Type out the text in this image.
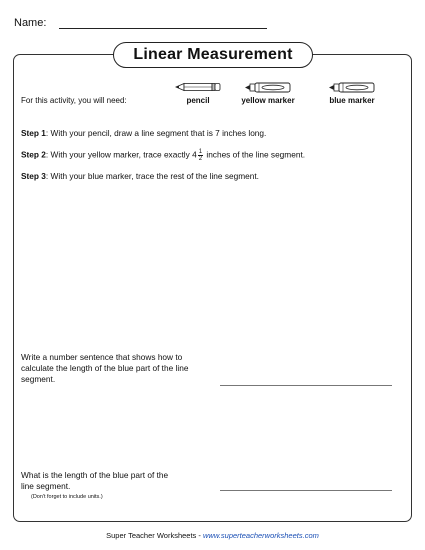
Name:
Linear Measurement
For this activity, you will need:	pencil	yellow marker	blue marker
Step 1: With your pencil, draw a line segment that is 7 inches long.
Step 2: With your yellow marker, trace exactly $4 \frac{1}{2}$ inches of the line segment.
Step 3: With your blue marker, trace the rest of the line segment.
Write a number sentence that shows how to calculate the length of the blue part of the line segment.
What is the length of the blue part of the line segment.
(Don't forget to include units.)
Super Teacher Worksheets - www.superteacherworksheets.com
